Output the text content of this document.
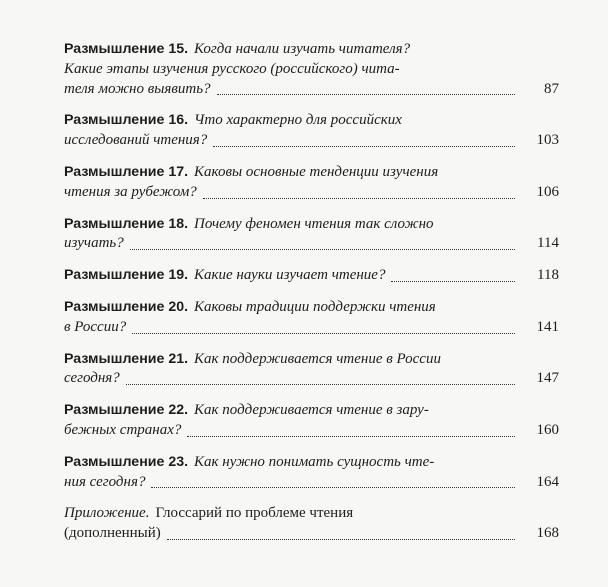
Размышление 15. Когда начали изучать читателя?
Какие этапы изучения русского (российского) чита-
теля можно выявить?	87
Размышление 16. Что характерно для российских
исследований чтения?	103
Размышление 17. Каковы основные тенденции изучения
чтения за рубежом?	106
Размышление 18. Почему феномен чтения так сложно
изучать?	114
Размышление 19. Какие науки изучает чтение?	118
Размышление 20. Каковы традиции поддержки чтения
в России?	141
Размышление 21. Как поддерживается чтение в России
сегодня?	147
Размышление 22. Как поддерживается чтение в зару-
бежных странах?	160
Размышление 23. Как нужно понимать сущность чте-
ния сегодня?	164
Приложение. Глоссарий по проблеме чтения
(дополненный)	168
